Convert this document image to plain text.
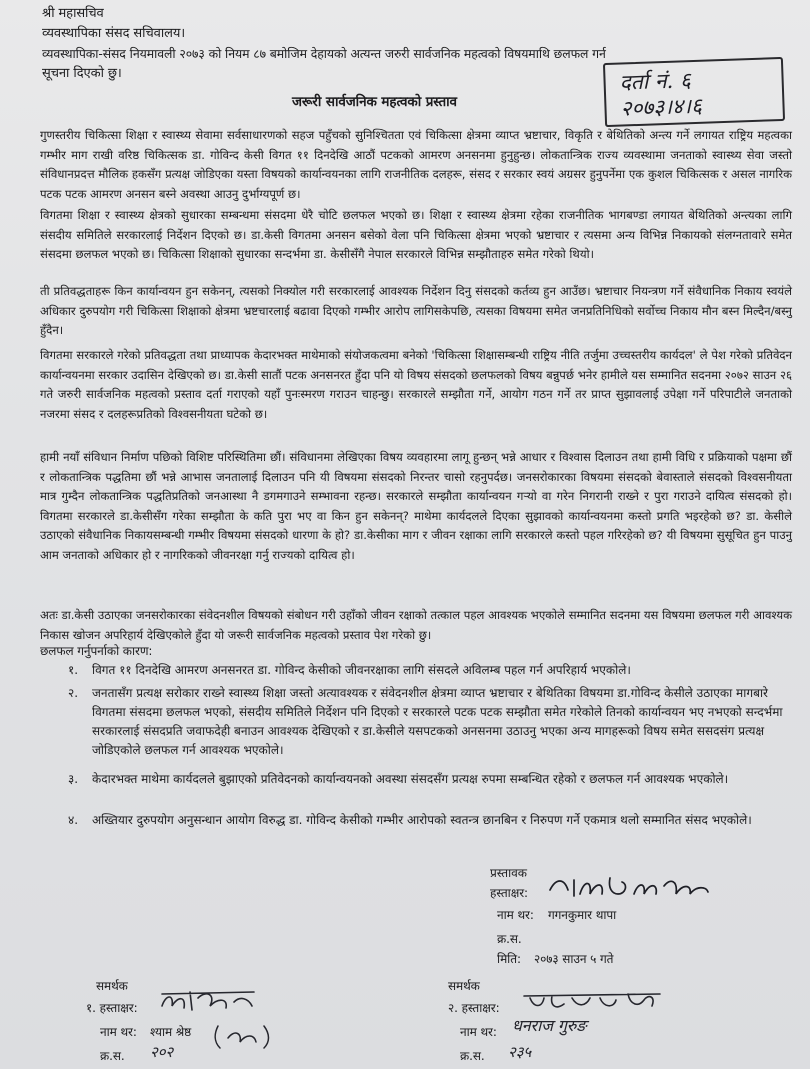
श्री महासचिव
व्यवस्थापिका संसद सचिवालय।
व्यवस्थापिका-संसद नियमावली २०७३ को नियम ८७ बमोजिम देहायको अत्यन्त जरुरी सार्वजनिक महत्वको विषयमाथि छलफल गर्न
सूचना दिएको छु।	दर्ता नं. ६
२०७३।४।६
जरूरी सार्वजनिक महत्वको प्रस्ताव
गुणस्तरीय चिकित्सा शिक्षा र स्वास्थ्य सेवामा सर्वसाधारणको सहज पहुँचको सुनिश्चितता एवं चिकित्सा क्षेत्रमा व्याप्त भ्रष्टाचार, विकृति र बेथितिको अन्त्य गर्ने लगायत राष्ट्रिय महत्वका गम्भीर माग राखी वरिष्ठ चिकित्सक डा. गोविन्द केसी विगत ११ दिनदेखि आठौं पटकको आमरण अनसनमा हुनुहुन्छ। लोकतान्त्रिक राज्य व्यवस्थामा जनताको स्वास्थ्य सेवा जस्तो संविधानप्रदत्त मौलिक हकसँग प्रत्यक्ष जोडिएका यस्ता विषयको कार्यान्वयनका लागि राजनीतिक दलहरू, संसद र सरकार स्वयं अग्रसर हुनुपर्नेमा एक कुशल चिकित्सक र असल नागरिक पटक पटक आमरण अनसन बस्ने अवस्था आउनु दुर्भाग्यपूर्ण छ।
विगतमा शिक्षा र स्वास्थ्य क्षेत्रको सुधारका सम्बन्धमा संसदमा धेरै चोटि छलफल भएको छ। शिक्षा र स्वास्थ्य क्षेत्रमा रहेका राजनीतिक भागबण्डा लगायत बेथितिको अन्त्यका लागि संसदीय समितिले सरकारलाई निर्देशन दिएको छ। डा.केसी विगतमा अनसन बसेको वेला पनि चिकित्सा क्षेत्रमा भएको भ्रष्टाचार र त्यसमा अन्य विभिन्न निकायको संलग्नतावारे समेत संसदमा छलफल भएको छ। चिकित्सा शिक्षाको सुधारका सन्दर्भमा डा. केसीसँगै नेपाल सरकारले विभिन्न सम्झौताहरु समेत गरेको थियो।
ती प्रतिवद्धताहरू किन कार्यान्वयन हुन सकेनन्, त्यसको निक्योल गरी सरकारलाई आवश्यक निर्देशन दिनु संसदको कर्तव्य हुन आउँछ। भ्रष्टाचार नियन्त्रण गर्ने संवैधानिक निकाय स्वयंले अधिकार दुरुपयोग गरी चिकित्सा शिक्षाको क्षेत्रमा भ्रष्टचारलाई बढावा दिएको गम्भीर आरोप लागिसकेपछि, त्यसका विषयमा समेत जनप्रतिनिधिको सर्वोच्च निकाय मौन बस्न मिल्दैन/बस्नु हुँदैन।
विगतमा सरकारले गरेको प्रतिवद्धता तथा प्राध्यापक केदारभक्त माथेमाको संयोजकत्वमा बनेको 'चिकित्सा शिक्षासम्बन्धी राष्ट्रिय नीति तर्जुमा उच्चस्तरीय कार्यदल' ले पेश गरेको प्रतिवेदन कार्यान्वयनमा सरकार उदासिन देखिएको छ। डा.केसी सातौं पटक अनसनरत हुँदा पनि यो विषय संसदको छलफलको विषय बन्नुपर्छ भनेर हामीले यस सम्मानित सदनमा २०७२ साउन २६ गते जरुरी सार्वजनिक महत्वको प्रस्ताव दर्ता गराएको यहाँ पुनःस्मरण गराउन चाहन्छु। सरकारले सम्झौता गर्ने, आयोग गठन गर्ने तर प्राप्त सुझावलाई उपेक्षा गर्ने परिपाटीले जनताको नजरमा संसद र दलहरूप्रतिको विश्वसनीयता घटेको छ।
हामी नयाँ संविधान निर्माण पछिको विशिष्ट परिस्थितिमा छौं। संविधानमा लेखिएका विषय व्यवहारमा लागू हुन्छन् भन्ने आधार र विश्वास दिलाउन तथा हामी विधि र प्रक्रियाको पक्षमा छौं र लोकतान्त्रिक पद्धतिमा छौं भन्ने आभास जनतालाई दिलाउन पनि यी विषयमा संसदको निरन्तर चासो रहनुपर्दछ। जनसरोकारका विषयमा संसदको बेवास्ताले संसदको विश्वसनीयता मात्र गुम्दैन लोकतान्त्रिक पद्धतिप्रतिको जनआस्था नै डगमगाउने सम्भावना रहन्छ। सरकारले सम्झौता कार्यान्वयन गऱ्यो वा गरेन निगरानी राख्ने र पुरा गराउने दायित्व संसदको हो। विगतमा सरकारले डा.केसीसँग गरेका सम्झौता के कति पुरा भए वा किन हुन सकेनन्? माथेमा कार्यदलले दिएका सुझावको कार्यान्वयनमा कस्तो प्रगति भइरहेको छ? डा. केसीले उठाएको संवैधानिक निकायसम्बन्धी गम्भीर विषयमा संसदको धारणा के हो? डा.केसीका माग र जीवन रक्षाका लागि सरकारले कस्तो पहल गरिरहेको छ? यी विषयमा सुसूचित हुन पाउनु आम जनताको अधिकार हो र नागरिकको जीवनरक्षा गर्नु राज्यको दायित्व हो।
अतः डा.केसी उठाएका जनसरोकारका संवेदनशील विषयको संबोधन गरी उहाँको जीवन रक्षाको तत्काल पहल आवश्यक भएकोले सम्मानित सदनमा यस विषयमा छलफल गरी आवश्यक निकास खोजन अपरिहार्य देखिएकोले हुँदा यो जरूरी सार्वजनिक महत्वको प्रस्ताव पेश गरेको छु।
छलफल गर्नुपर्नाको कारण:
१. विगत ११ दिनदेखि आमरण अनसनरत डा. गोविन्द केसीको जीवनरक्षाका लागि संसदले अविलम्ब पहल गर्न अपरिहार्य भएकोले।
२. जनतासँग प्रत्यक्ष सरोकार राख्ने स्वास्थ्य शिक्षा जस्तो अत्यावश्यक र संवेदनशील क्षेत्रमा व्याप्त भ्रष्टाचार र बेथितिका विषयमा डा.गोविन्द केसीले उठाएका मागबारे विगतमा संसदमा छलफल भएको, संसदीय समितिले निर्देशन पनि दिएको र सरकारले पटक पटक सम्झौता समेत गरेकोले तिनको कार्यान्वयन भए नभएको सन्दर्भमा सरकारलाई संसदप्रति जवाफदेही बनाउन आवश्यक देखिएको र डा.केसीले यसपटकको अनसनमा उठाउनु भएका अन्य मागहरूको विषय समेत ससदसंग प्रत्यक्ष जोडिएकोले छलफल गर्न आवश्यक भएकोले।
३. केदारभक्त माथेमा कार्यदलले बुझाएको प्रतिवेदनको कार्यान्वयनको अवस्था संसदसँग प्रत्यक्ष रुपमा सम्बन्धित रहेको र छलफल गर्न आवश्यक भएकोले।
४. अख्तियार दुरुपयोग अनुसन्धान आयोग विरुद्ध डा. गोविन्द केसीको गम्भीर आरोपको स्वतन्त्र छानबिन र निरुपण गर्ने एकमात्र थलो सम्मानित संसद भएकोले।
प्रस्तावक
हस्ताक्षर:
नाम थर: गगनकुमार थापा
क्र.स.
मिति: २०७३ साउन ५ गते
समर्थक
१. हस्ताक्षर:
नाम थर: श्याम श्रेष्ठ
क्र.स. २०२
समर्थक
२. हस्ताक्षर:
नाम थर: धनराज गुरुङ
क्र.स. २३५
